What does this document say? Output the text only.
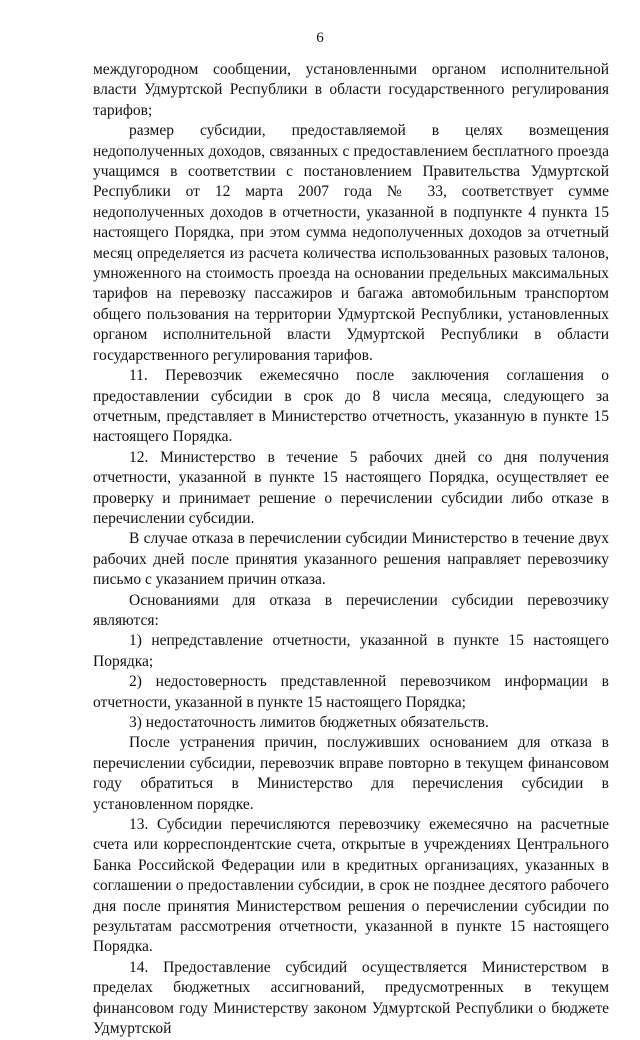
6

междугородном сообщении, установленными органом исполнительной власти Удмуртской Республики в области государственного регулирования тарифов;

размер субсидии, предоставляемой в целях возмещения недополученных доходов, связанных с предоставлением бесплатного проезда учащимся в соответствии с постановлением Правительства Удмуртской Республики от 12 марта 2007 года № 33, соответствует сумме недополученных доходов в отчетности, указанной в подпункте 4 пункта 15 настоящего Порядка, при этом сумма недополученных доходов за отчетный месяц определяется из расчета количества использованных разовых талонов, умноженного на стоимость проезда на основании предельных максимальных тарифов на перевозку пассажиров и багажа автомобильным транспортом общего пользования на территории Удмуртской Республики, установленных органом исполнительной власти Удмуртской Республики в области государственного регулирования тарифов.

11. Перевозчик ежемесячно после заключения соглашения о предоставлении субсидии в срок до 8 числа месяца, следующего за отчетным, представляет в Министерство отчетность, указанную в пункте 15 настоящего Порядка.

12. Министерство в течение 5 рабочих дней со дня получения отчетности, указанной в пункте 15 настоящего Порядка, осуществляет ее проверку и принимает решение о перечислении субсидии либо отказе в перечислении субсидии.

В случае отказа в перечислении субсидии Министерство в течение двух рабочих дней после принятия указанного решения направляет перевозчику письмо с указанием причин отказа.

Основаниями для отказа в перечислении субсидии перевозчику являются:

1) непредставление отчетности, указанной в пункте 15 настоящего Порядка;

2) недостоверность представленной перевозчиком информации в отчетности, указанной в пункте 15 настоящего Порядка;

3) недостаточность лимитов бюджетных обязательств.

После устранения причин, послуживших основанием для отказа в перечислении субсидии, перевозчик вправе повторно в текущем финансовом году обратиться в Министерство для перечисления субсидии в установленном порядке.

13. Субсидии перечисляются перевозчику ежемесячно на расчетные счета или корреспондентские счета, открытые в учреждениях Центрального Банка Российской Федерации или в кредитных организациях, указанных в соглашении о предоставлении субсидии, в срок не позднее десятого рабочего дня после принятия Министерством решения о перечислении субсидии по результатам рассмотрения отчетности, указанной в пункте 15 настоящего Порядка.

14. Предоставление субсидий осуществляется Министерством в пределах бюджетных ассигнований, предусмотренных в текущем финансовом году Министерству законом Удмуртской Республики о бюджете Удмуртской
